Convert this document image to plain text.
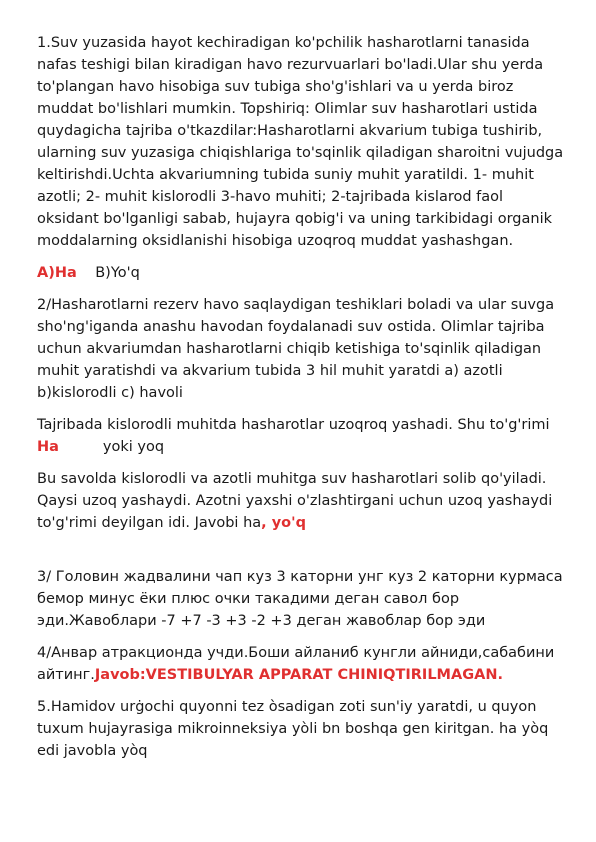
1.Suv yuzasida hayot kechiradigan ko'pchilik hasharotlarni tanasida nafas teshigi bilan kiradigan havo rezurvuarlari bo'ladi.Ular shu yerda to'plangan havo hisobiga suv tubiga sho'g'ishlari va u yerda biroz muddat bo'lishlari mumkin. Topshiriq: Olimlar suv hasharotlari ustida quydagicha tajriba o'tkazdilar:Hasharotlarni akvarium tubiga tushirib, ularning suv yuzasiga chiqishlariga to'sqinlik qiladigan sharoitni vujudga keltirishdi.Uchta akvariumning tubida suniy muhit yaratildi. 1- muhit azotli; 2- muhit kislorodli 3-havo muhiti; 2-tajribada kislarod faol oksidant bo'lganligi sabab, hujayra qobig'i va uning tarkibidagi organik moddalarning oksidlanishi hisobiga uzoqroq muddat yashashgan.

A)Ha B)Yo'q

2/Hasharotlarni rezerv havo saqlaydigan teshiklari boladi va ular suvga sho'ng'iganda anashu havodan foydalanadi suv ostida. Olimlar tajriba uchun akvariumdan hasharotlarni chiqib ketishiga to'sqinlik qiladigan muhit yaratishdi va akvarium tubida 3 hil muhit yaratdi a) azotli b)kislorodli c) havoli

Tajribada kislorodli muhitda hasharotlar uzoqroq yashadi. Shu to'g'rimi
Ha	yoki yoq

Bu savolda kislorodli va azotli muhitga suv hasharotlari solib qo'yiladi. Qaysi uzoq yashaydi. Azotni yaxshi o'zlashtirgani uchun uzoq yashaydi to'g'rimi deyilgan idi. Javobi ha, yo'q

3/ Головин жадвалини чап куз 3 каторни унг куз 2 каторни курмаса бемор минус ёки плюс очки такадими деган савол бор эди.Жавоблари -7 +7 -3 +3 -2 +3 деган жавоблар бор эди

4/Анвар атракционда учди.Боши айланиб кунгли айниди,сабабини айтинг.Javob:VESTIBULYAR APPARAT CHINIQTIRILMAGAN.

5.Hamidov urġochi quyonni tez òsadigan zoti sun'iy yaratdi, u quyon tuxum hujayrasiga mikroinneksiya yòli bn boshqa gen kiritgan. ha yòq edi javobla yòq
